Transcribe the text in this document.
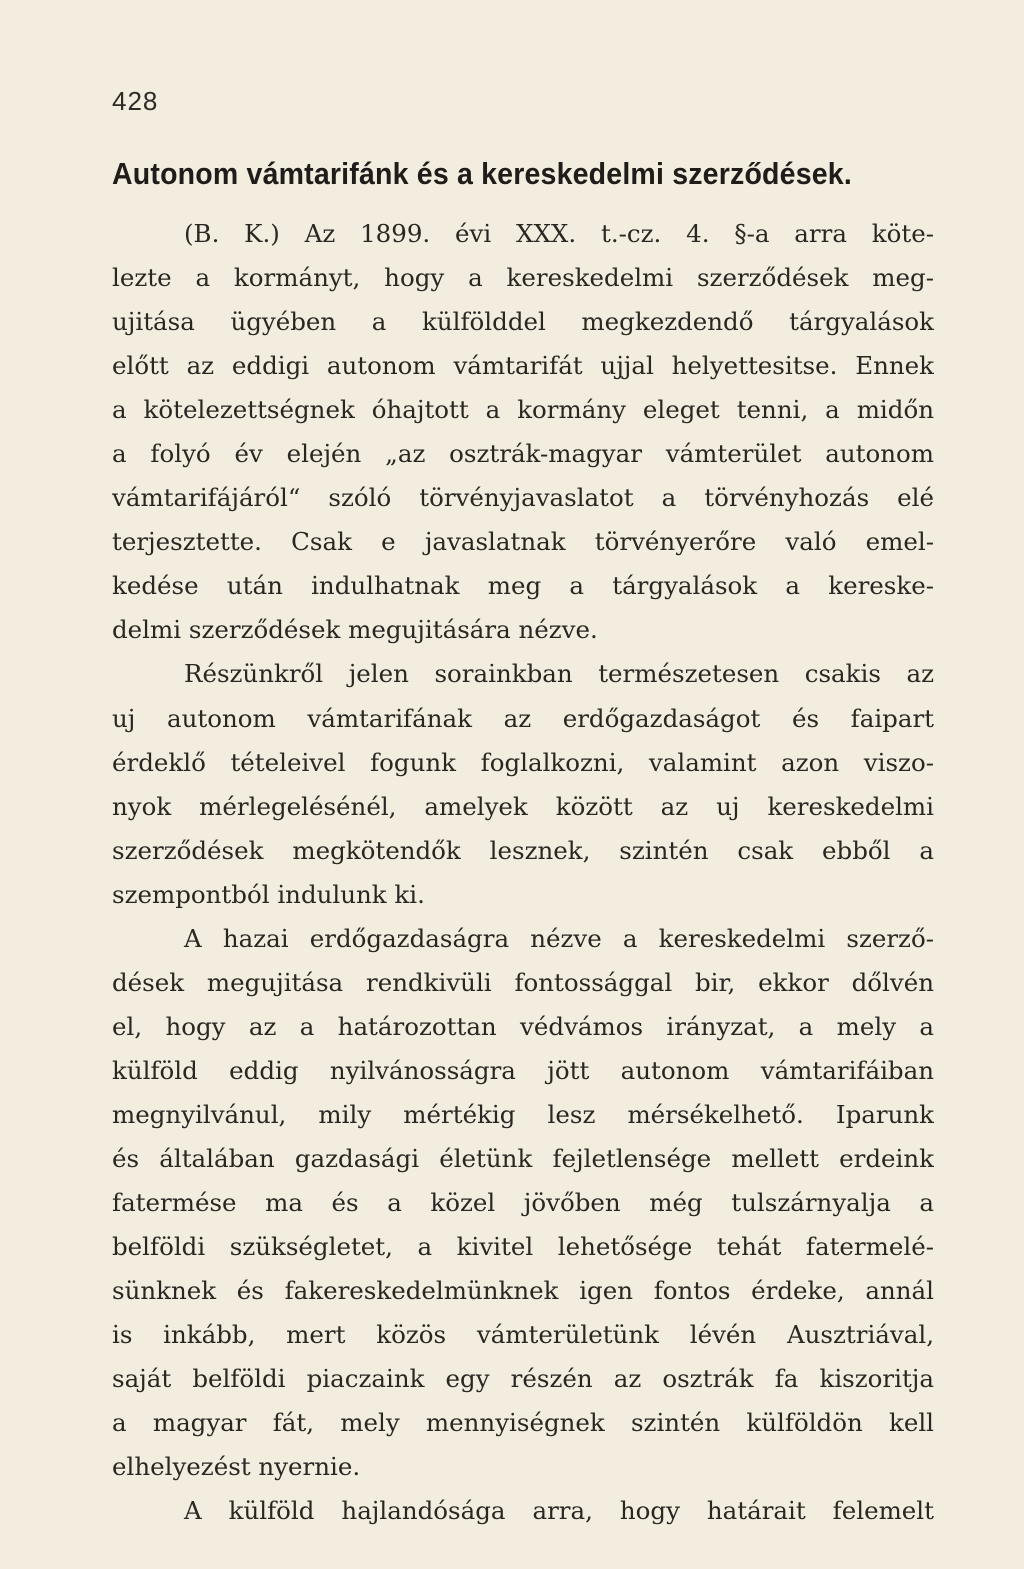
428
Autonom vámtarifánk és a kereskedelmi szerződések.
(B. K.) Az 1899. évi XXX. t.-cz. 4. §-a arra köte-
lezte a kormányt, hogy a kereskedelmi szerződések meg-
ujitása ügyében a külfölddel megkezdendő tárgyalások
előtt az eddigi autonom vámtarifát ujjal helyettesitse. Ennek
a kötelezettségnek óhajtott a kormány eleget tenni, a midőn
a folyó év elején „az osztrák-magyar vámterület autonom
vámtarifájáról“ szóló törvényjavaslatot a törvényhozás elé
terjesztette. Csak e javaslatnak törvényerőre való emel-
kedése után indulhatnak meg a tárgyalások a kereske-
delmi szerződések megujitására nézve.
Részünkről jelen sorainkban természetesen csakis az
uj autonom vámtarifának az erdőgazdaságot és faipart
érdeklő tételeivel fogunk foglalkozni, valamint azon viszo-
nyok mérlegelésénél, amelyek között az uj kereskedelmi
szerződések megkötendők lesznek, szintén csak ebből a
szempontból indulunk ki.
A hazai erdőgazdaságra nézve a kereskedelmi szerző-
dések megujitása rendkivüli fontossággal bir, ekkor dőlvén
el, hogy az a határozottan védvámos irányzat, a mely a
külföld eddig nyilvánosságra jött autonom vámtarifáiban
megnyilvánul, mily mértékig lesz mérsékelhető. Iparunk
és általában gazdasági életünk fejletlensége mellett erdeink
fatermése ma és a közel jövőben még tulszárnyalja a
belföldi szükségletet, a kivitel lehetősége tehát fatermelé-
sünknek és fakereskedelmünknek igen fontos érdeke, annál
is inkább, mert közös vámterületünk lévén Ausztriával,
saját belföldi piaczaink egy részén az osztrák fa kiszoritja
a magyar fát, mely mennyiségnek szintén külföldön kell
elhelyezést nyernie.
A külföld hajlandósága arra, hogy határait felemelt
